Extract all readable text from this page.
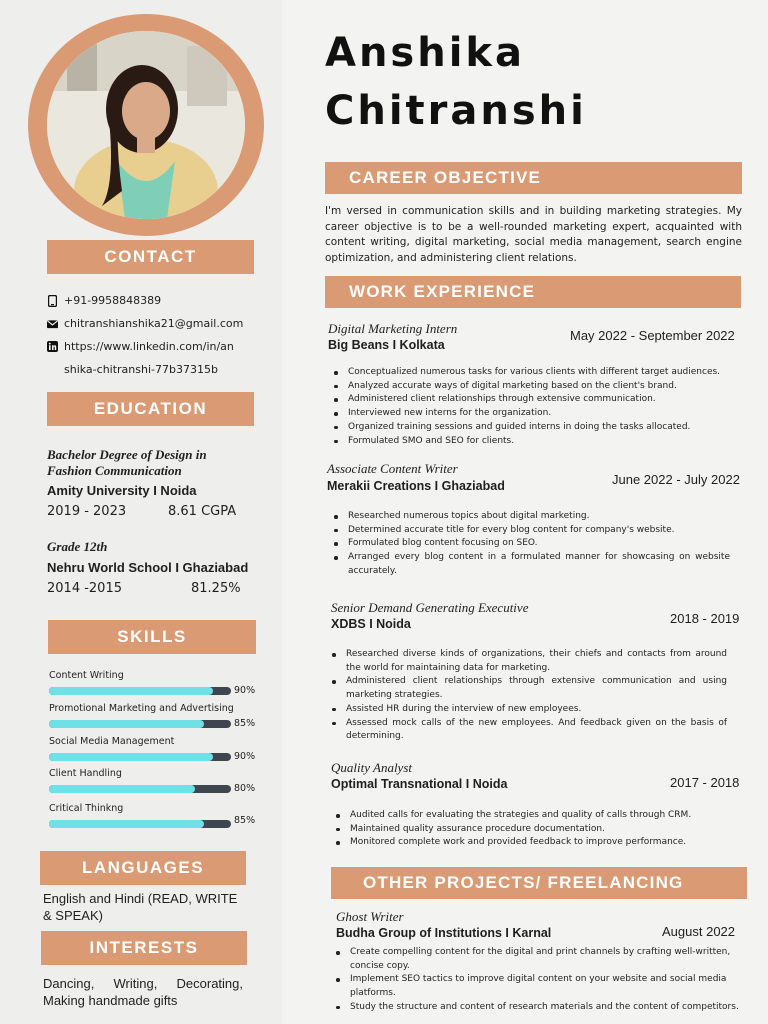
CONTACT
+91-9958848389
chitranshianshika21@gmail.com
https://www.linkedin.com/in/an
shika-chitranshi-77b37315b
EDUCATION
Bachelor Degree of Design in Fashion Communication
Amity University I Noida
2019 - 2023	8.61 CGPA
Grade 12th
Nehru World School I Ghaziabad
2014 -2015	81.25%
SKILLS
Content Writing
90%
Promotional Marketing and Advertising
85%
Social Media Management
90%
Client Handling
80%
Critical Thinkng
85%
LANGUAGES
English and Hindi (READ, WRITE & SPEAK)
INTERESTS
Dancing, Writing, Decorating, Making handmade gifts
Anshika
Chitranshi
CAREER OBJECTIVE

I'm versed in communication skills and in building marketing strategies. My career objective is to be a well-rounded marketing expert, acquainted with content writing, digital marketing, social media management, search engine optimization, and administering client relations.

WORK EXPERIENCE
Digital Marketing Intern
Big Beans I Kolkata
May 2022 - September 2022
Conceptualized numerous tasks for various clients with different target audiences.
Analyzed accurate ways of digital marketing based on the client's brand.
Administered client relationships through extensive communication.
Interviewed new interns for the organization.
Organized training sessions and guided interns in doing the tasks allocated.
Formulated SMO and SEO for clients.
Associate Content Writer
Merakii Creations I Ghaziabad	June 2022 - July 2022
Researched numerous topics about digital marketing.
Determined accurate title for every blog content for company's website.
Formulated blog content focusing on SEO.
Arranged every blog content in a formulated manner for showcasing on website accurately.
Senior Demand Generating Executive
XDBS I Noida	2018 - 2019
Researched diverse kinds of organizations, their chiefs and contacts from around the world for maintaining data for marketing.
Administered client relationships through extensive communication and using marketing strategies.
Assisted HR during the interview of new employees.
Assessed mock calls of the new employees. And feedback given on the basis of determining.
Quality Analyst
Optimal Transnational I Noida	2017 - 2018
Audited calls for evaluating the strategies and quality of calls through CRM.
Maintained quality assurance procedure documentation.
Monitored complete work and provided feedback to improve performance.
OTHER PROJECTS/ FREELANCING
Ghost Writer
Budha Group of Institutions I Karnal	August 2022
Create compelling content for the digital and print channels by crafting well-written, concise copy.
Implement SEO tactics to improve digital content on your website and social media platforms.
Study the structure and content of research materials and the content of competitors.
